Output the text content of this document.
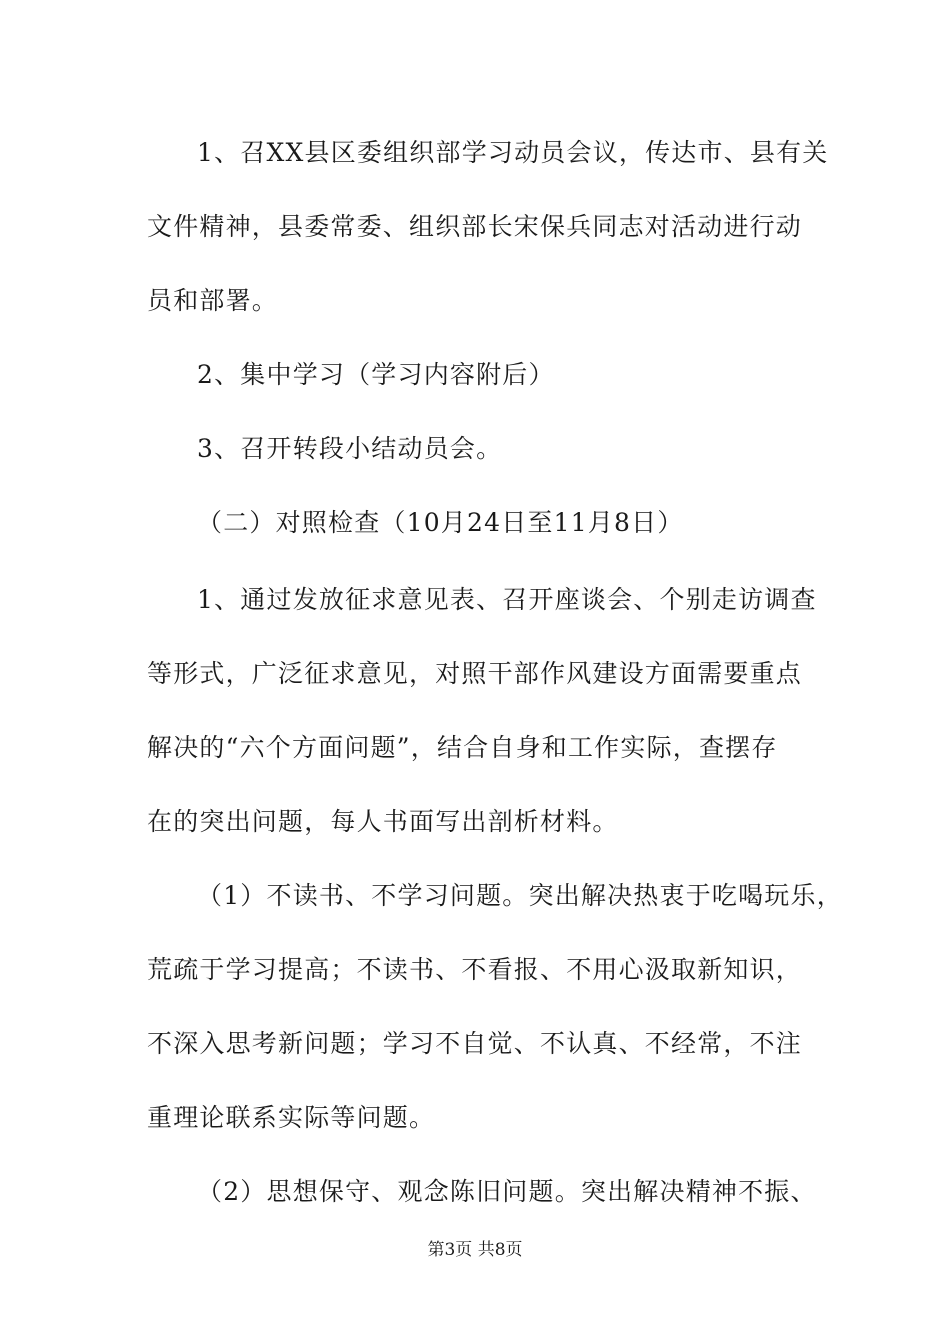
1、召XX县区委组织部学习动员会议，传达市、县有关
文件精神，县委常委、组织部长宋保兵同志对活动进行动
员和部署。
2、集中学习（学习内容附后）
3、召开转段小结动员会。
（二）对照检查（10月24日至11月8日）
1、通过发放征求意见表、召开座谈会、个别走访调查
等形式，广泛征求意见，对照干部作风建设方面需要重点
解决的“六个方面问题”，结合自身和工作实际，查摆存
在的突出问题，每人书面写出剖析材料。
（1）不读书、不学习问题。突出解决热衷于吃喝玩乐，
荒疏于学习提高；不读书、不看报、不用心汲取新知识，
不深入思考新问题；学习不自觉、不认真、不经常，不注
重理论联系实际等问题。
（2）思想保守、观念陈旧问题。突出解决精神不振、
第3页 共8页
